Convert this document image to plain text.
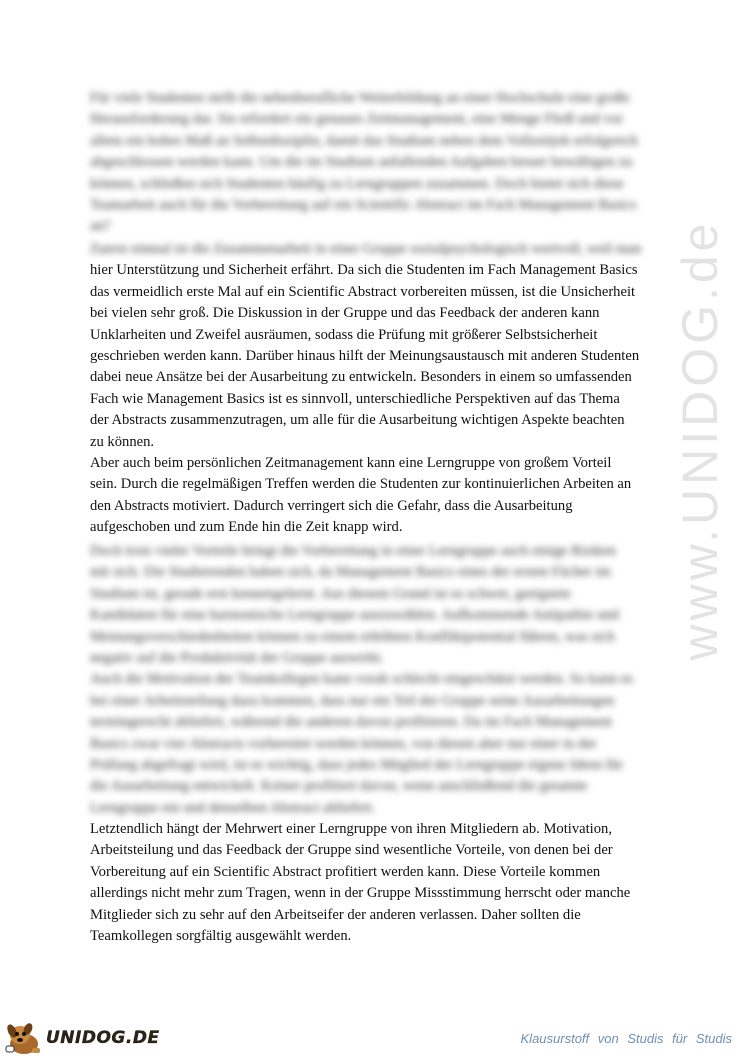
www.UNIDOG.de

Für viele Studenten stellt die nebenberufliche Weiterbildung an einer Hochschule eine große
Herausforderung dar. Sie erfordert ein genaues Zeitmanagement, eine Menge Fleiß und vor
allem ein hohes Maß an Selbstdisziplin, damit das Studium neben dem Vollzeitjob erfolgreich
abgeschlossen werden kann. Um die im Studium anfallenden Aufgaben besser bewältigen zu
können, schließen sich Studenten häufig zu Lerngruppen zusammen. Doch bietet sich diese
Teamarbeit auch für die Vorbereitung auf ein Scientific Abstract im Fach Management Basics
an?

Zuerst einmal ist die Zusammenarbeit in einer Gruppe sozialpsychologisch wertvoll, weil man
hier Unterstützung und Sicherheit erfährt. Da sich die Studenten im Fach Management Basics
das vermeidlich erste Mal auf ein Scientific Abstract vorbereiten müssen, ist die Unsicherheit
bei vielen sehr groß. Die Diskussion in der Gruppe und das Feedback der anderen kann
Unklarheiten und Zweifel ausräumen, sodass die Prüfung mit größerer Selbstsicherheit
geschrieben werden kann. Darüber hinaus hilft der Meinungsaustausch mit anderen Studenten
dabei neue Ansätze bei der Ausarbeitung zu entwickeln. Besonders in einem so umfassenden
Fach wie Management Basics ist es sinnvoll, unterschiedliche Perspektiven auf das Thema
der Abstracts zusammenzutragen, um alle für die Ausarbeitung wichtigen Aspekte beachten
zu können.
Aber auch beim persönlichen Zeitmanagement kann eine Lerngruppe von großem Vorteil
sein. Durch die regelmäßigen Treffen werden die Studenten zur kontinuierlichen Arbeiten an
den Abstracts motiviert. Dadurch verringert sich die Gefahr, dass die Ausarbeitung
aufgeschoben und zum Ende hin die Zeit knapp wird.

Doch trotz vieler Vorteile bringt die Vorbereitung in einer Lerngruppe auch einige Risiken
mit sich. Die Studierenden haben sich, da Management Basics eines der ersten Fächer im
Studium ist, gerade erst kennengelernt. Aus diesem Grund ist es schwer, geeignete
Kandidaten für eine harmonische Lerngruppe auszuwählen. Aufkommende Antipathie und
Meinungsverschiedenheiten können zu einem erhöhten Konfliktpotential führen, was sich
negativ auf die Produktivität der Gruppe auswirkt.
Auch die Motivation der Teamkollegen kann vorab schlecht eingeschätzt werden. So kann es
bei einer Arbeitsteilung dazu kommen, dass nur ein Teil der Gruppe seine Ausarbeitungen
termingerecht abliefert, während die anderen davon profitieren. Da im Fach Management
Basics zwar vier Abstracts vorbereitet werden können, von diesen aber nur einer in der
Prüfung abgefragt wird, ist es wichtig, dass jedes Mitglied der Lerngruppe eigene Ideen für
die Ausarbeitung entwickelt. Keiner profitiert davon, wenn anschließend die gesamte
Lerngruppe ein und denselben Abstract abliefert.

Letztendlich hängt der Mehrwert einer Lerngruppe von ihren Mitgliedern ab. Motivation,
Arbeitsteilung und das Feedback der Gruppe sind wesentliche Vorteile, von denen bei der
Vorbereitung auf ein Scientific Abstract profitiert werden kann. Diese Vorteile kommen
allerdings nicht mehr zum Tragen, wenn in der Gruppe Missstimmung herrscht oder manche
Mitglieder sich zu sehr auf den Arbeitseifer der anderen verlassen. Daher sollten die
Teamkollegen sorgfältig ausgewählt werden.

UNIDOG.DE	Klausurstoff von Studis für Studis
